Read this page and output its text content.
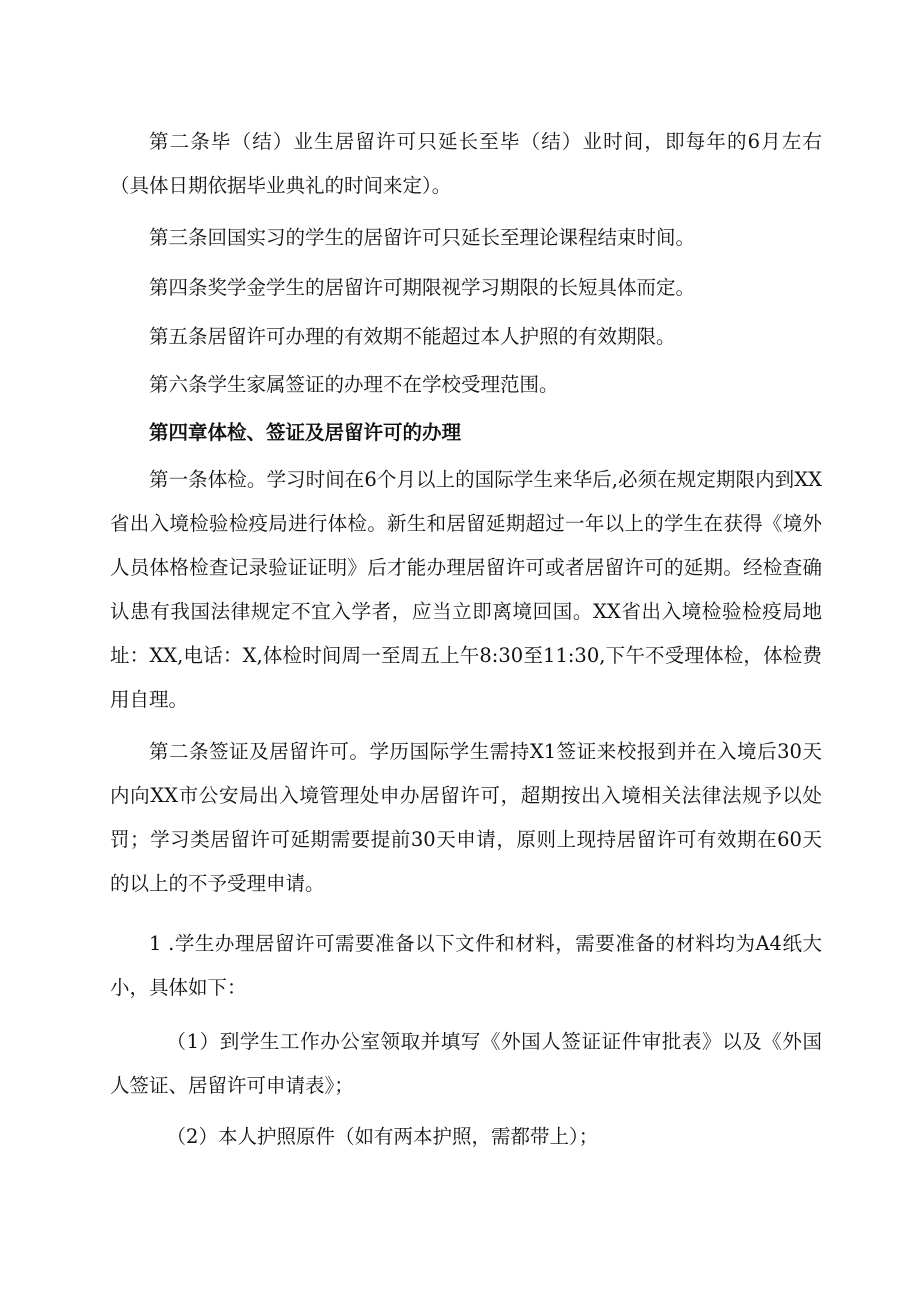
第二条毕（结）业生居留许可只延长至毕（结）业时间，即每年的6月左右（具体日期依据毕业典礼的时间来定）。

第三条回国实习的学生的居留许可只延长至理论课程结束时间。

第四条奖学金学生的居留许可期限视学习期限的长短具体而定。

第五条居留许可办理的有效期不能超过本人护照的有效期限。

第六条学生家属签证的办理不在学校受理范围。

第四章体检、签证及居留许可的办理

第一条体检。学习时间在6个月以上的国际学生来华后,必须在规定期限内到XX省出入境检验检疫局进行体检。新生和居留延期超过一年以上的学生在获得《境外人员体格检查记录验证证明》后才能办理居留许可或者居留许可的延期。经检查确认患有我国法律规定不宜入学者，应当立即离境回国。XX省出入境检验检疫局地址：XX,电话：X,体检时间周一至周五上午8:30至11:30,下午不受理体检，体检费用自理。

第二条签证及居留许可。学历国际学生需持X1签证来校报到并在入境后30天内向XX市公安局出入境管理处申办居留许可，超期按出入境相关法律法规予以处罚；学习类居留许可延期需要提前30天申请，原则上现持居留许可有效期在60天的以上的不予受理申请。

1 .学生办理居留许可需要准备以下文件和材料，需要准备的材料均为A4纸大小，具体如下：

（1）到学生工作办公室领取并填写《外国人签证证件审批表》以及《外国人签证、居留许可申请表》；

（2）本人护照原件（如有两本护照，需都带上）；
